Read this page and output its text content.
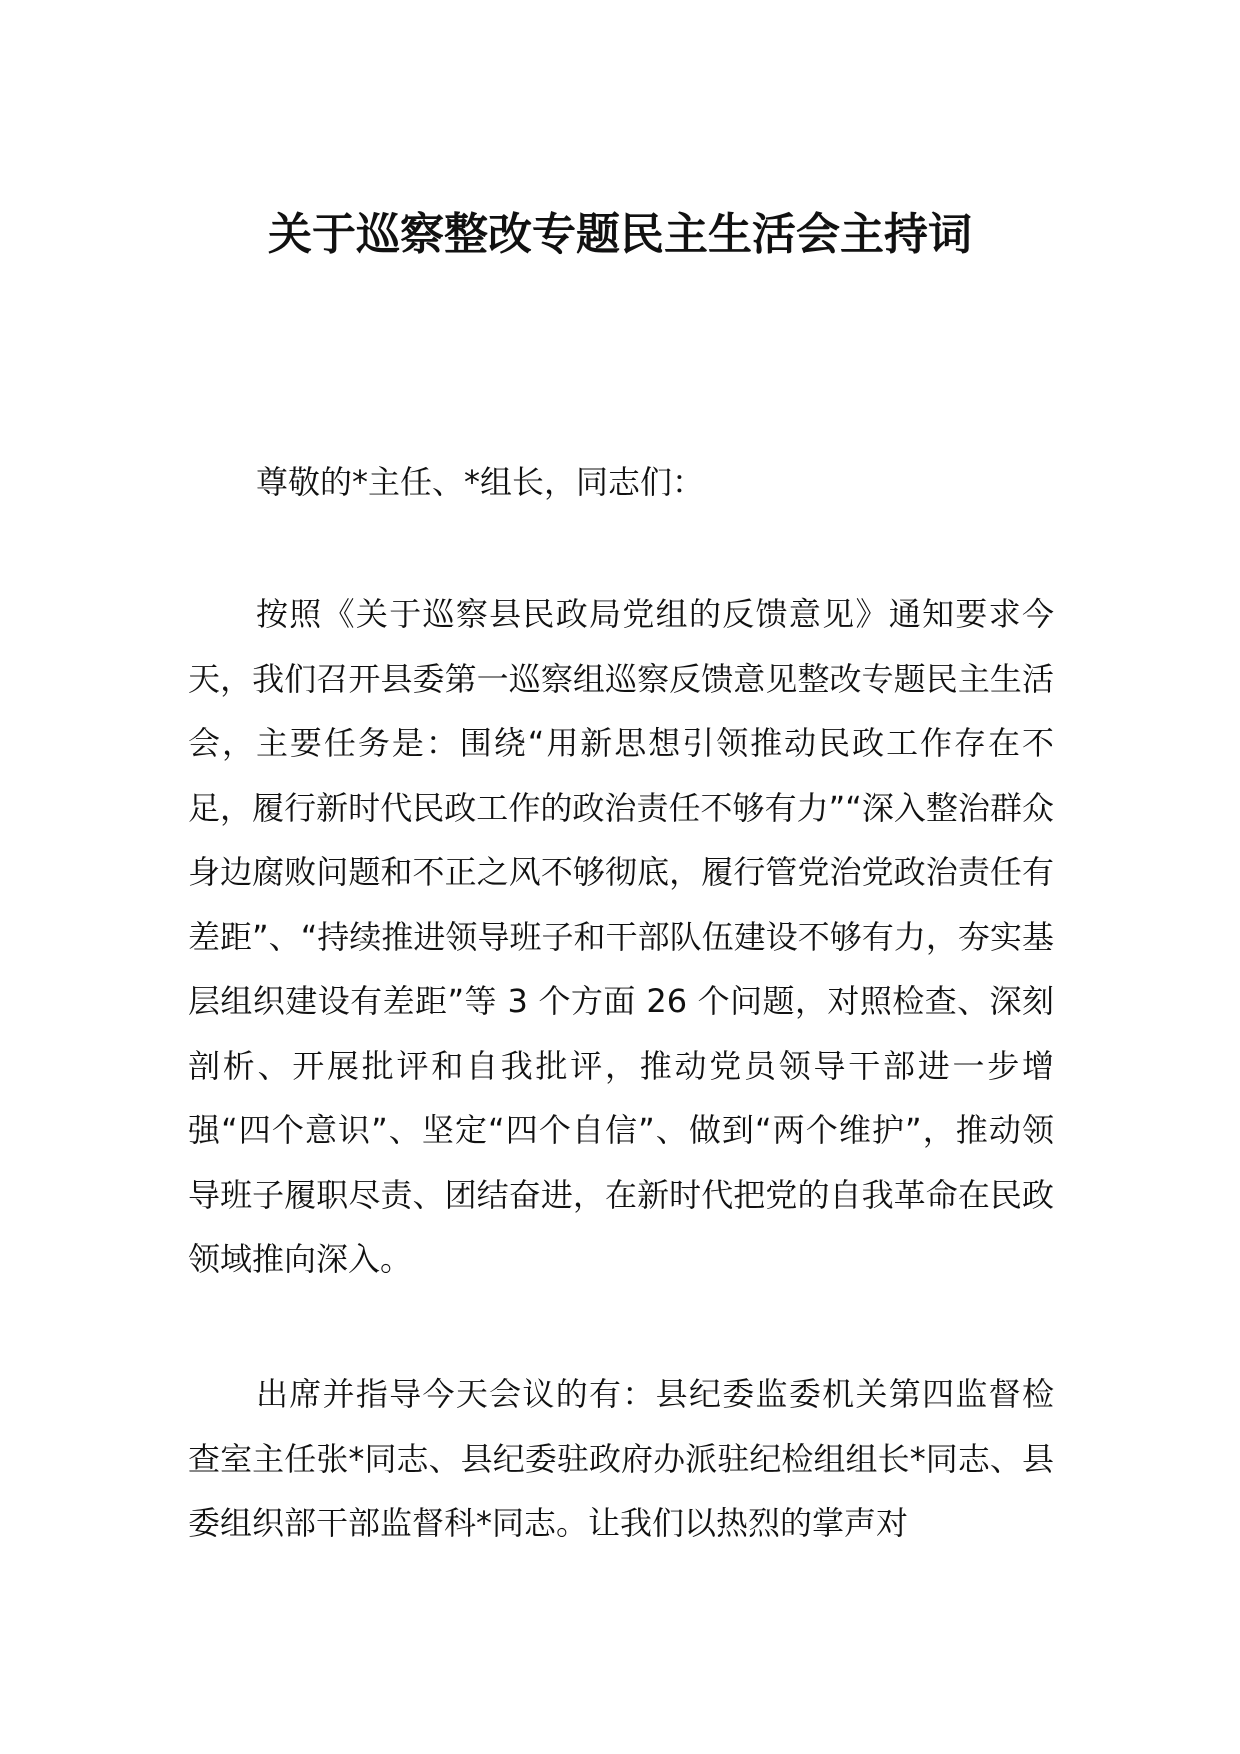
关于巡察整改专题民主生活会主持词
尊敬的*主任、*组长，同志们：
按照《关于巡察县民政局党组的反馈意见》通知要求今天，我们召开县委第一巡察组巡察反馈意见整改专题民主生活会，主要任务是：围绕“用新思想引领推动民政工作存在不足，履行新时代民政工作的政治责任不够有力”“深入整治群众身边腐败问题和不正之风不够彻底，履行管党治党政治责任有差距”、“持续推进领导班子和干部队伍建设不够有力，夯实基层组织建设有差距”等 3 个方面 26 个问题，对照检查、深刻剖析、开展批评和自我批评，推动党员领导干部进一步增强“四个意识”、坚定“四个自信”、做到“两个维护”，推动领导班子履职尽责、团结奋进，在新时代把党的自我革命在民政领域推向深入。
出席并指导今天会议的有：县纪委监委机关第四监督检查室主任张*同志、县纪委驻政府办派驻纪检组组长*同志、县委组织部干部监督科*同志。让我们以热烈的掌声对
